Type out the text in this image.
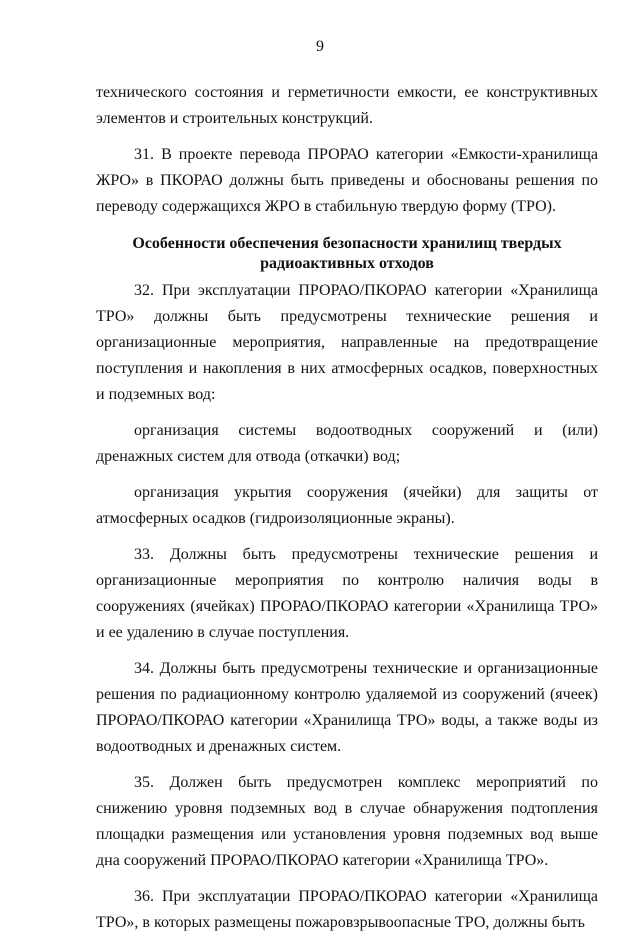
9

технического состояния и герметичности емкости, ее конструктивных элементов и строительных конструкций.

31. В проекте перевода ПРОРАО категории «Емкости-хранилища ЖРО» в ПКОРАО должны быть приведены и обоснованы решения по переводу содержащихся ЖРО в стабильную твердую форму (ТРО).

Особенности обеспечения безопасности хранилищ твердых радиоактивных отходов

32. При эксплуатации ПРОРАО/ПКОРАО категории «Хранилища ТРО» должны быть предусмотрены технические решения и организационные мероприятия, направленные на предотвращение поступления и накопления в них атмосферных осадков, поверхностных и подземных вод:

организация системы водоотводных сооружений и (или) дренажных систем для отвода (откачки) вод;

организация укрытия сооружения (ячейки) для защиты от атмосферных осадков (гидроизоляционные экраны).

33. Должны быть предусмотрены технические решения и организационные мероприятия по контролю наличия воды в сооружениях (ячейках) ПРОРАО/ПКОРАО категории «Хранилища ТРО» и ее удалению в случае поступления.

34. Должны быть предусмотрены технические и организационные решения по радиационному контролю удаляемой из сооружений (ячеек) ПРОРАО/ПКОРАО категории «Хранилища ТРО» воды, а также воды из водоотводных и дренажных систем.

35. Должен быть предусмотрен комплекс мероприятий по снижению уровня подземных вод в случае обнаружения подтопления площадки размещения или установления уровня подземных вод выше дна сооружений ПРОРАО/ПКОРАО категории «Хранилища ТРО».

36. При эксплуатации ПРОРАО/ПКОРАО категории «Хранилища ТРО», в которых размещены пожаровзрывоопасные ТРО, должны быть
